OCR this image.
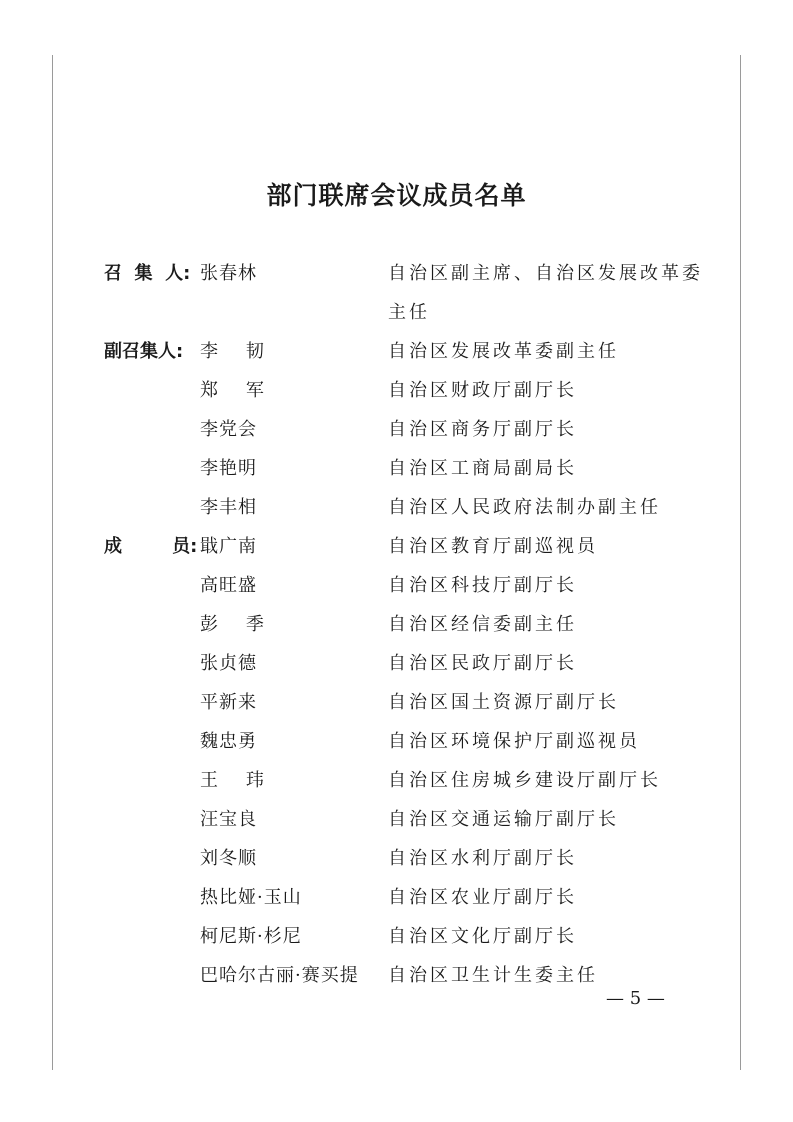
部门联席会议成员名单
召  集  人: 张春林	自治区副主席、自治区发展改革委
主任
副召集人: 李    韧	自治区发展改革委副主任
郑    军	自治区财政厅副厅长
李党会	自治区商务厅副厅长
李艳明	自治区工商局副局长
李丰相	自治区人民政府法制办副主任
成        员: 戢广南	自治区教育厅副巡视员
高旺盛	自治区科技厅副厅长
彭    季	自治区经信委副主任
张贞德	自治区民政厅副厅长
平新来	自治区国土资源厅副厅长
魏忠勇	自治区环境保护厅副巡视员
王    玮	自治区住房城乡建设厅副厅长
汪宝良	自治区交通运输厅副厅长
刘冬顺	自治区水利厅副厅长
热比娅·玉山	自治区农业厅副厅长
柯尼斯·杉尼	自治区文化厅副厅长
巴哈尔古丽·赛买提 自治区卫生计生委主任
— 5 —
